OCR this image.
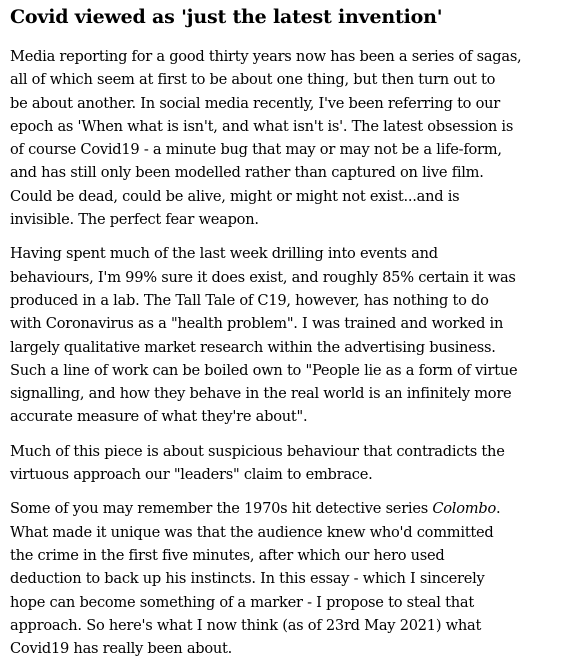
Covid viewed as 'just the latest invention'
Media reporting for a good thirty years now has been a series of sagas,
all of which seem at first to be about one thing, but then turn out to
be about another. In social media recently, I've been referring to our
epoch as 'When what is isn't, and what isn't is'. The latest obsession is
of course Covid19 - a minute bug that may or may not be a life-form,
and has still only been modelled rather than captured on live film.
Could be dead, could be alive, might or might not exist...and is
invisible. The perfect fear weapon.
Having spent much of the last week drilling into events and
behaviours, I'm 99% sure it does exist, and roughly 85% certain it was
produced in a lab. The Tall Tale of C19, however, has nothing to do
with Coronavirus as a "health problem". I was trained and worked in
largely qualitative market research within the advertising business.
Such a line of work can be boiled own to "People lie as a form of virtue
signalling, and how they behave in the real world is an infinitely more
accurate measure of what they're about".
Much of this piece is about suspicious behaviour that contradicts the
virtuous approach our "leaders" claim to embrace.
Some of you may remember the 1970s hit detective series Colombo.
What made it unique was that the audience knew who'd committed
the crime in the first five minutes, after which our hero used
deduction to back up his instincts. In this essay - which I sincerely
hope can become something of a marker - I propose to steal that
approach. So here's what I now think (as of 23rd May 2021) what
Covid19 has really been about.
